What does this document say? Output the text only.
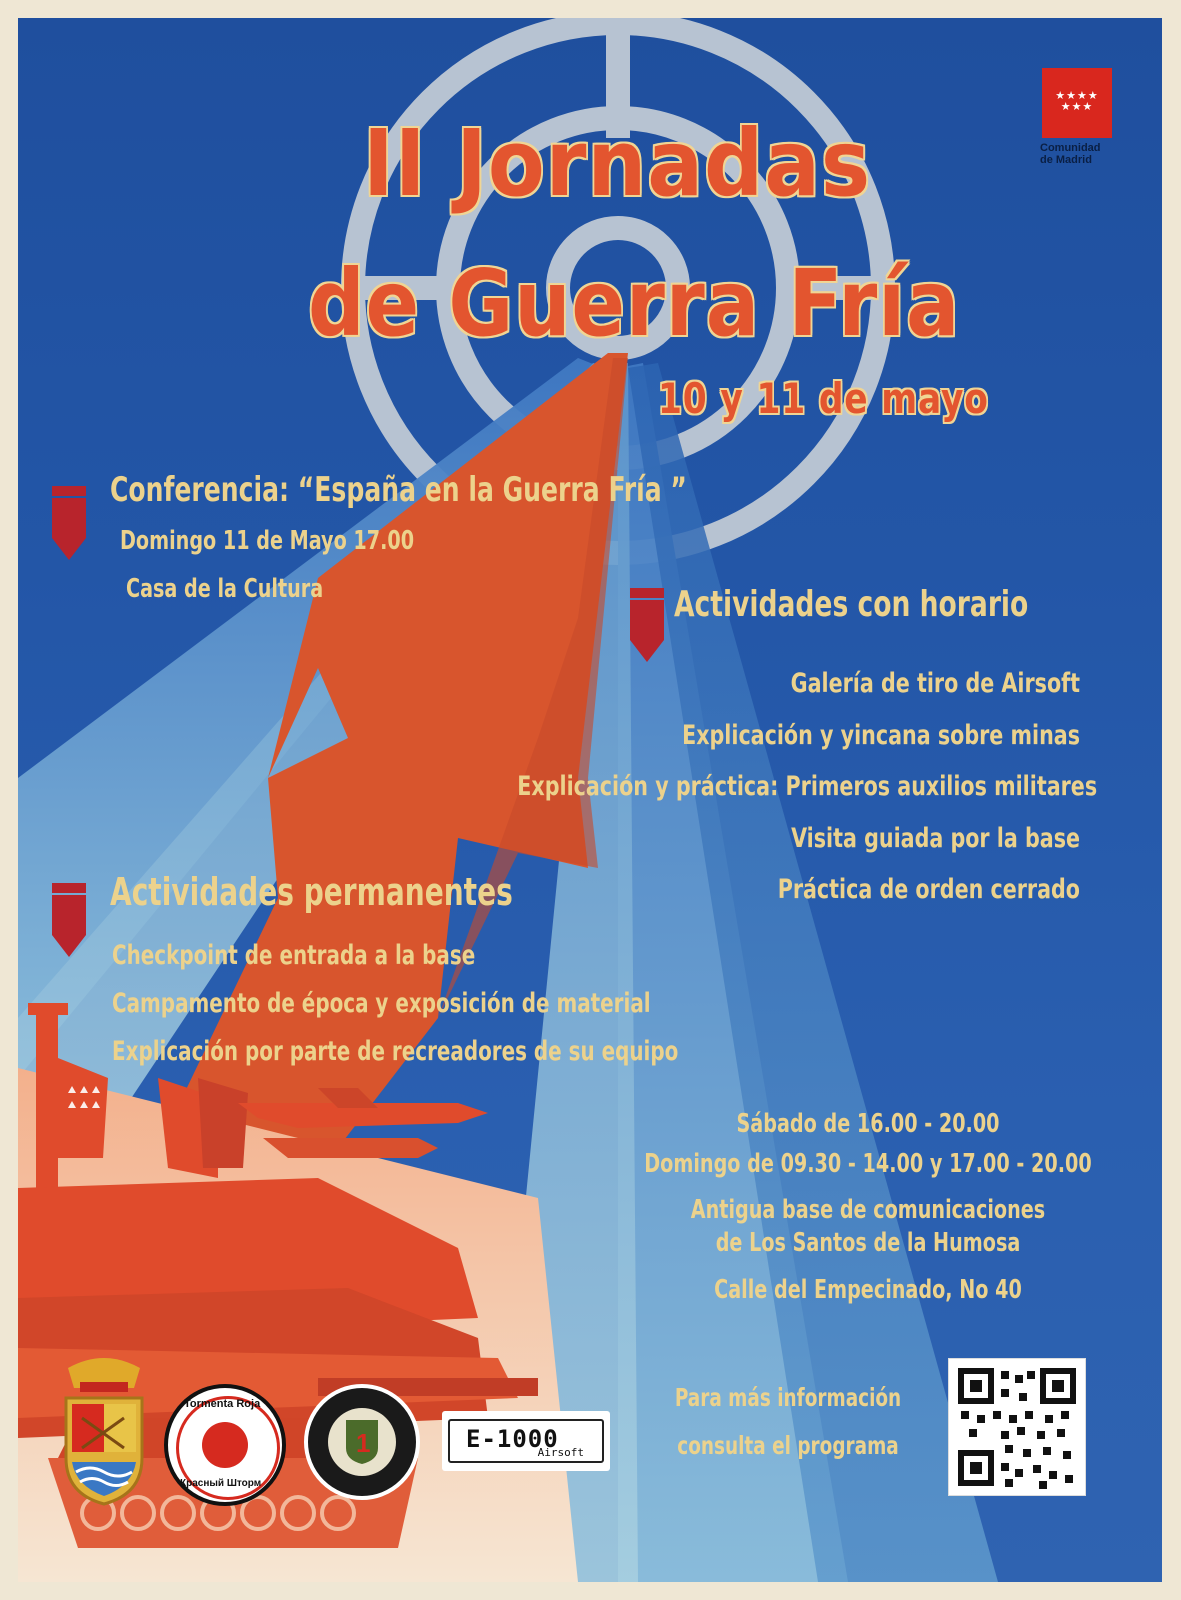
II Jornadas
de Guerra Fría
10 y 11 de mayo
★★★★
★★★
Comunidad
de Madrid
Conferencia: “España en la Guerra Fría ”
Domingo 11 de Mayo 17.00
Casa de la Cultura	Actividades con horario
Galería de tiro de Airsoft
Explicación y yincana sobre minas
Explicación y práctica: Primeros auxilios militares
Visita guiada por la base
Práctica de orden cerrado
Actividades permanentes
Checkpoint de entrada a la base
Campamento de época y exposición de material
Explicación por parte de recreadores de su equipo
Sábado de 16.00 - 20.00
Domingo de 09.30 - 14.00 y 17.00 - 20.00
Antigua base de comunicaciones
de Los Santos de la Humosa
Calle del Empecinado, No 40
Para más información
consulta el programa
Tormenta Roja
Красный Шторм
1	E-1000
Airsoft
